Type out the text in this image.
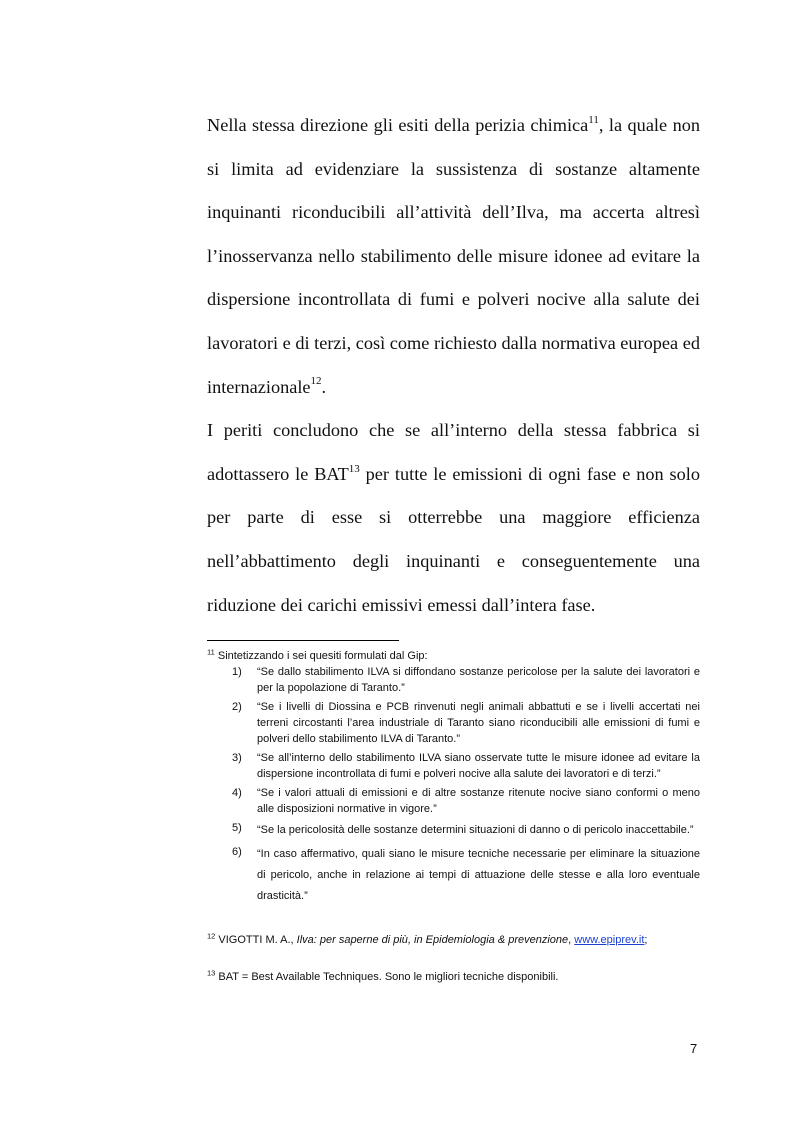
Nella stessa direzione gli esiti della perizia chimica$^{11}$, la quale non si limita ad evidenziare la sussistenza di sostanze altamente inquinanti riconducibili all’attività dell’Ilva, ma accerta altresì l’inosservanza nello stabilimento delle misure idonee ad evitare la dispersione incontrollata di fumi e polveri nocive alla salute dei lavoratori e di terzi, così come richiesto dalla normativa europea ed internazionale$^{12}$.

I periti concludono che se all’interno della stessa fabbrica si adottassero le BAT$^{13}$ per tutte le emissioni di ogni fase e non solo per parte di esse si otterrebbe una maggiore efficienza nell’abbattimento degli inquinanti e conseguentemente una riduzione dei carichi emissivi emessi dall’intera fase.

$^{11}$ Sintetizzando i sei quesiti formulati dal Gip:
1)	“Se dallo stabilimento ILVA si diffondano sostanze pericolose per la salute dei lavoratori e per la popolazione di Taranto.”
2)	“Se i livelli di Diossina e PCB rinvenuti negli animali abbattuti e se i livelli accertati nei terreni circostanti l’area industriale di Taranto siano riconducibili alle emissioni di fumi e polveri dello stabilimento ILVA di Taranto.”
3)	“Se all’interno dello stabilimento ILVA siano osservate tutte le misure idonee ad evitare la dispersione incontrollata di fumi e polveri nocive alla salute dei lavoratori e di terzi.”
4)	“Se i valori attuali di emissioni e di altre sostanze ritenute nocive siano conformi o meno alle disposizioni normative in vigore.”
5)	“Se la pericolosità delle sostanze determini situazioni di danno o di pericolo inaccettabile.”
6)	“In caso affermativo, quali siano le misure tecniche necessarie per eliminare la situazione di pericolo, anche in relazione ai tempi di attuazione delle stesse e alla loro eventuale drasticità.”
$^{12}$ VIGOTTI M. A., Ilva: per saperne di più, in Epidemiologia & prevenzione, www.epiprev.it;
$^{13}$ BAT = Best Available Techniques. Sono le migliori tecniche disponibili.
7
